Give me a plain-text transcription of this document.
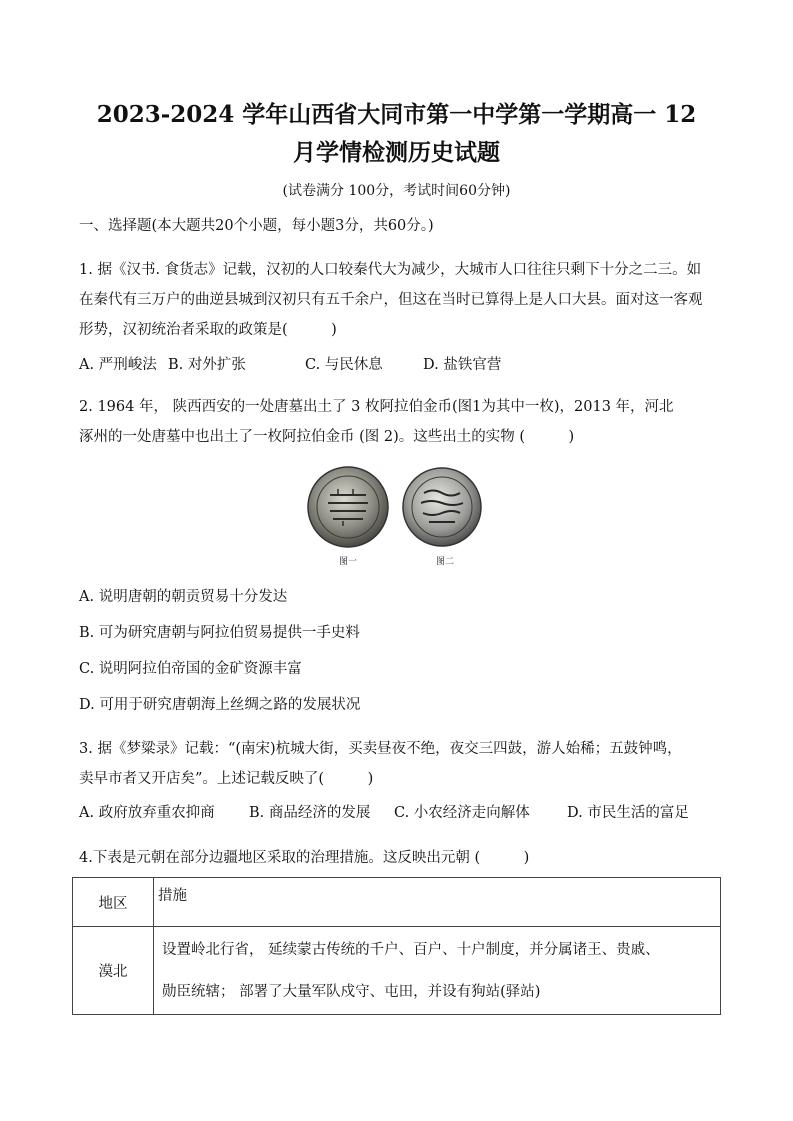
2023-2024 学年山西省大同市第一中学第一学期高一 12
月学情检测历史试题
(试卷满分 100分，考试时间60分钟)
一、选择题(本大题共20个小题，每小题3分，共60分。)
1. 据《汉书. 食货志》记载，汉初的人口较秦代大为减少，大城市人口往往只剩下十分之二三。如
在秦代有三万户的曲逆县城到汉初只有五千余户，但这在当时已算得上是人口大县。面对这一客观
形势，汉初统治者采取的政策是(　　　)
A. 严刑峻法 B. 对外扩张	C. 与民休息	D. 盐铁官营
2. 1964 年， 陕西西安的一处唐墓出土了 3 枚阿拉伯金币(图1为其中一枚)，2013 年，河北
涿州的一处唐墓中也出土了一枚阿拉伯金币 (图 2)。这些出土的实物 (　　　)
图一	图二
A. 说明唐朝的朝贡贸易十分发达
B. 可为研究唐朝与阿拉伯贸易提供一手史料
C. 说明阿拉伯帝国的金矿资源丰富
D. 可用于研究唐朝海上丝绸之路的发展状况
3. 据《梦粱录》记载：“(南宋)杭城大街，买卖昼夜不绝，夜交三四鼓，游人始稀；五鼓钟鸣，
卖早市者又开店矣”。上述记载反映了(　　　)
A. 政府放弃重农抑商 B. 商品经济的发展 C. 小农经济走向解体	D. 市民生活的富足
4.下表是元朝在部分边疆地区采取的治理措施。这反映出元朝 (　　　)
地区	措施
漠北	设置岭北行省， 延续蒙古传统的千户、百户、十户制度，并分属诸王、贵戚、
勋臣统辖； 部署了大量军队戍守、屯田，并设有狗站(驿站)
